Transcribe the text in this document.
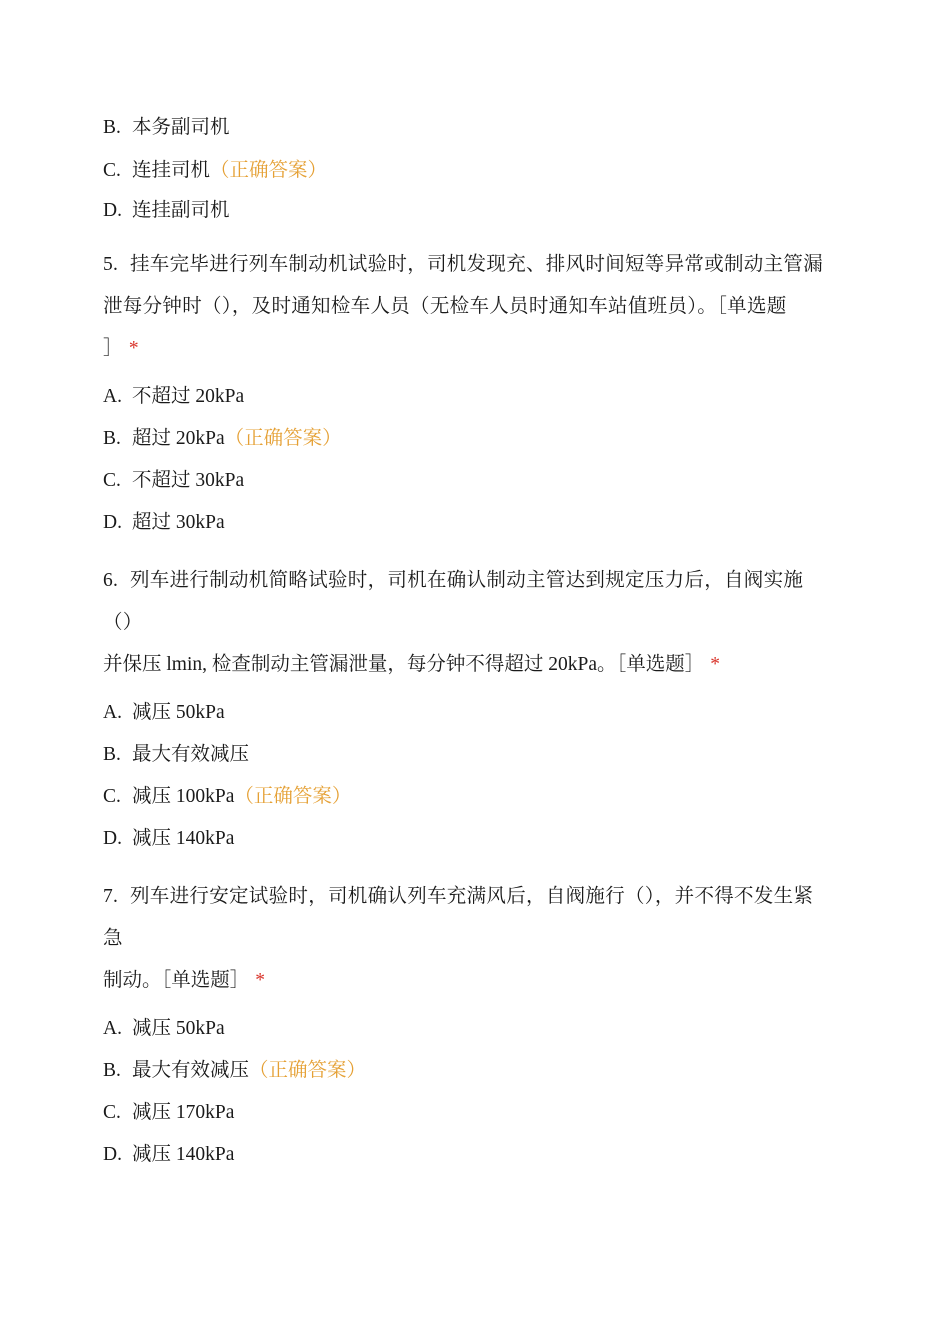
B. 本务副司机
C. 连挂司机（正确答案）
D. 连挂副司机
5. 挂车完毕进行列车制动机试验时，司机发现充、排风时间短等异常或制动主管漏
泄每分钟时（），及时通知检车人员（无检车人员时通知车站值班员）。［单选题
］ *
A. 不超过 20kPa
B. 超过 20kPa（正确答案）
C. 不超过 30kPa
D. 超过 30kPa
6. 列车进行制动机简略试验时，司机在确认制动主管达到规定压力后，自阀实施
（）
并保压 lmin, 检查制动主管漏泄量，每分钟不得超过 20kPa。［单选题］ *
A. 减压 50kPa
B. 最大有效减压
C. 减压 100kPa（正确答案）
D. 减压 140kPa
7. 列车进行安定试验时，司机确认列车充满风后，自阀施行（），并不得不发生紧
急
制动。［单选题］ *
A. 减压 50kPa
B. 最大有效减压（正确答案）
C. 减压 170kPa
D. 减压 140kPa
